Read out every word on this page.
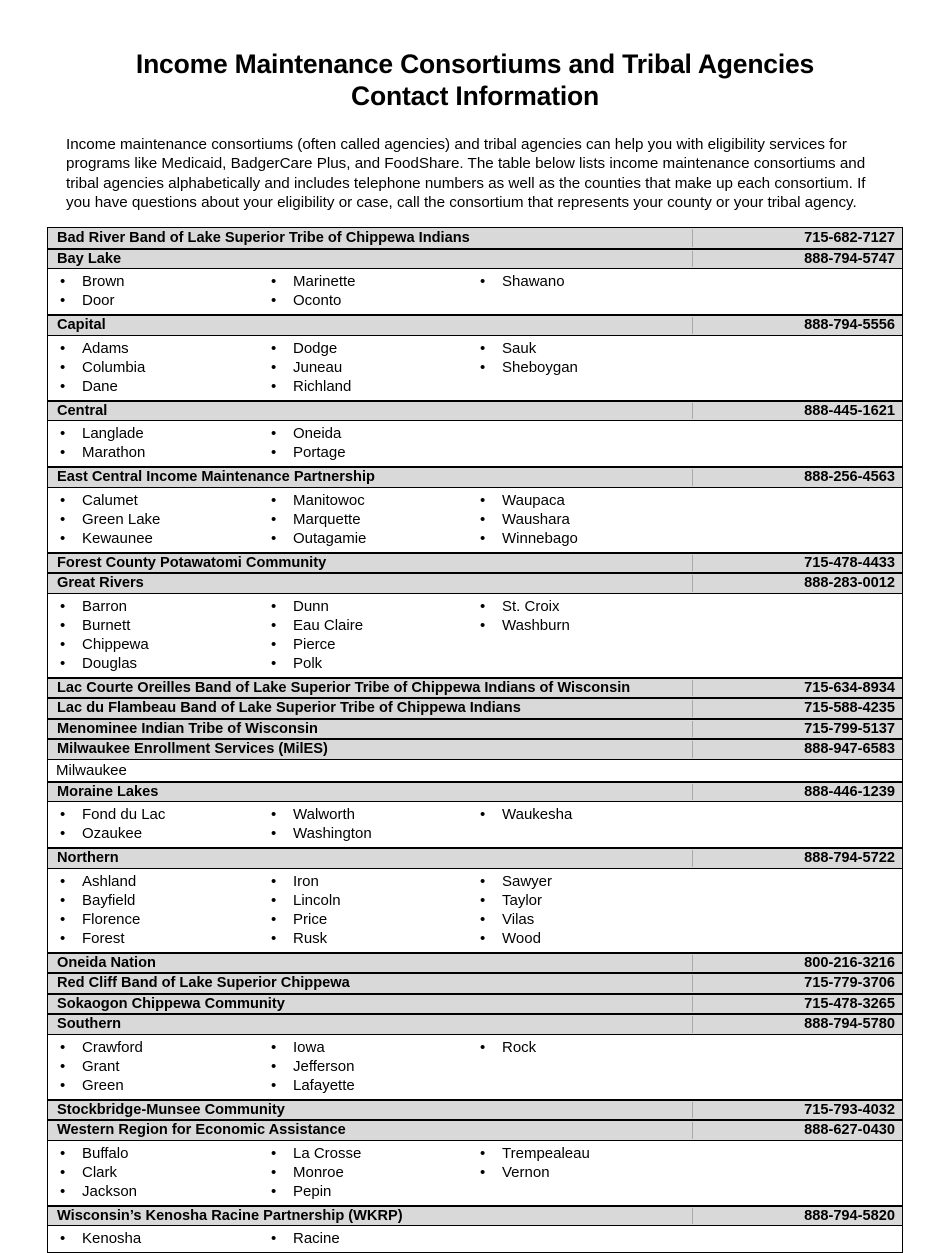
Income Maintenance Consortiums and Tribal Agencies
Contact Information

Income maintenance consortiums (often called agencies) and tribal agencies can help you with eligibility services for programs like Medicaid, BadgerCare Plus, and FoodShare. The table below lists income maintenance consortiums and tribal agencies alphabetically and includes telephone numbers as well as the counties that make up each consortium. If you have questions about your eligibility or case, call the consortium that represents your county or your tribal agency.

Bad River Band of Lake Superior Tribe of Chippewa Indians	715-682-7127
Bay Lake	888-794-5747
• Brown	• Marinette	• Shawano
• Door	• Oconto
Capital	888-794-5556
• Adams	• Dodge	• Sauk
• Columbia	• Juneau	• Sheboygan
• Dane	• Richland
Central	888-445-1621
• Langlade	• Oneida
• Marathon	• Portage
East Central Income Maintenance Partnership	888-256-4563
• Calumet	• Manitowoc	• Waupaca
• Green Lake	• Marquette	• Waushara
• Kewaunee	• Outagamie	• Winnebago
Forest County Potawatomi Community	715-478-4433
Great Rivers	888-283-0012
• Barron	• Dunn	• St. Croix
• Burnett	• Eau Claire	• Washburn
• Chippewa	• Pierce
• Douglas	• Polk
Lac Courte Oreilles Band of Lake Superior Tribe of Chippewa Indians of Wisconsin	715-634-8934
Lac du Flambeau Band of Lake Superior Tribe of Chippewa Indians	715-588-4235
Menominee Indian Tribe of Wisconsin	715-799-5137
Milwaukee Enrollment Services (MilES)	888-947-6583
Milwaukee
Moraine Lakes	888-446-1239
• Fond du Lac	• Walworth	• Waukesha
• Ozaukee	• Washington
Northern	888-794-5722
• Ashland	• Iron	• Sawyer
• Bayfield	• Lincoln	• Taylor
• Florence	• Price	• Vilas
• Forest	• Rusk	• Wood
Oneida Nation	800-216-3216
Red Cliff Band of Lake Superior Chippewa	715-779-3706
Sokaogon Chippewa Community	715-478-3265
Southern	888-794-5780
• Crawford	• Iowa	• Rock
• Grant	• Jefferson
• Green	• Lafayette
Stockbridge-Munsee Community	715-793-4032
Western Region for Economic Assistance	888-627-0430
• Buffalo	• La Crosse	• Trempealeau
• Clark	• Monroe	• Vernon
• Jackson	• Pepin
Wisconsin’s Kenosha Racine Partnership (WKRP)	888-794-5820
• Kenosha	• Racine
